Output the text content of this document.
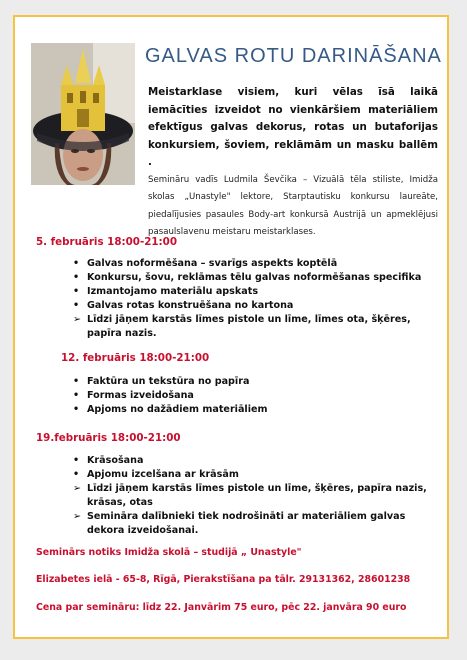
GALVAS ROTU DARINĀŠANA
Meistarklase visiem, kuri vēlas īsā laikā iemācīties izveidot no vienkāršiem materiāliem efektīgus galvas dekorus, rotas un butaforijas konkursiem, šoviem, reklāmām un masku ballēm .
Semināru vadīs Ludmila Ševčika – Vizuālā tēla stiliste, Imidža skolas „Unastyle" lektore, Starptautisku konkursu laureāte, piedalījusies pasaules Body-art konkursā Austrijā un apmeklējusi pasaulslavenu meistaru meistarklases.
5. februāris 18:00-21:00
• Galvas noformēšana – svarīgs aspekts koptēlā
• Konkursu, šovu, reklāmas tēlu galvas noformēšanas specifika
• Izmantojamo materiālu apskats
• Galvas rotas konstruēšana no kartona
➢ Līdzi jāņem karstās līmes pistole un līme, līmes ota, šķēres, papīra nazis.
12. februāris 18:00-21:00
• Faktūra un tekstūra no papīra
• Formas izveidošana
• Apjoms no dažādiem materiāliem
19.februāris 18:00-21:00
• Krāsošana
• Apjomu izcelšana ar krāsām
➢ Līdzi jāņem karstās līmes pistole un līme, šķēres, papīra nazis, krāsas, otas
➢ Semināra dalībnieki tiek nodrošināti ar materiāliem galvas dekora izveidošanai.
Seminārs notiks Imidža skolā – studijā „ Unastyle"
Elizabetes ielā - 65-8, Rīgā, Pierakstīšana pa tālr. 29131362, 28601238
Cena par semināru: līdz 22. Janvārim 75 euro, pēc 22. janvāra 90 euro
